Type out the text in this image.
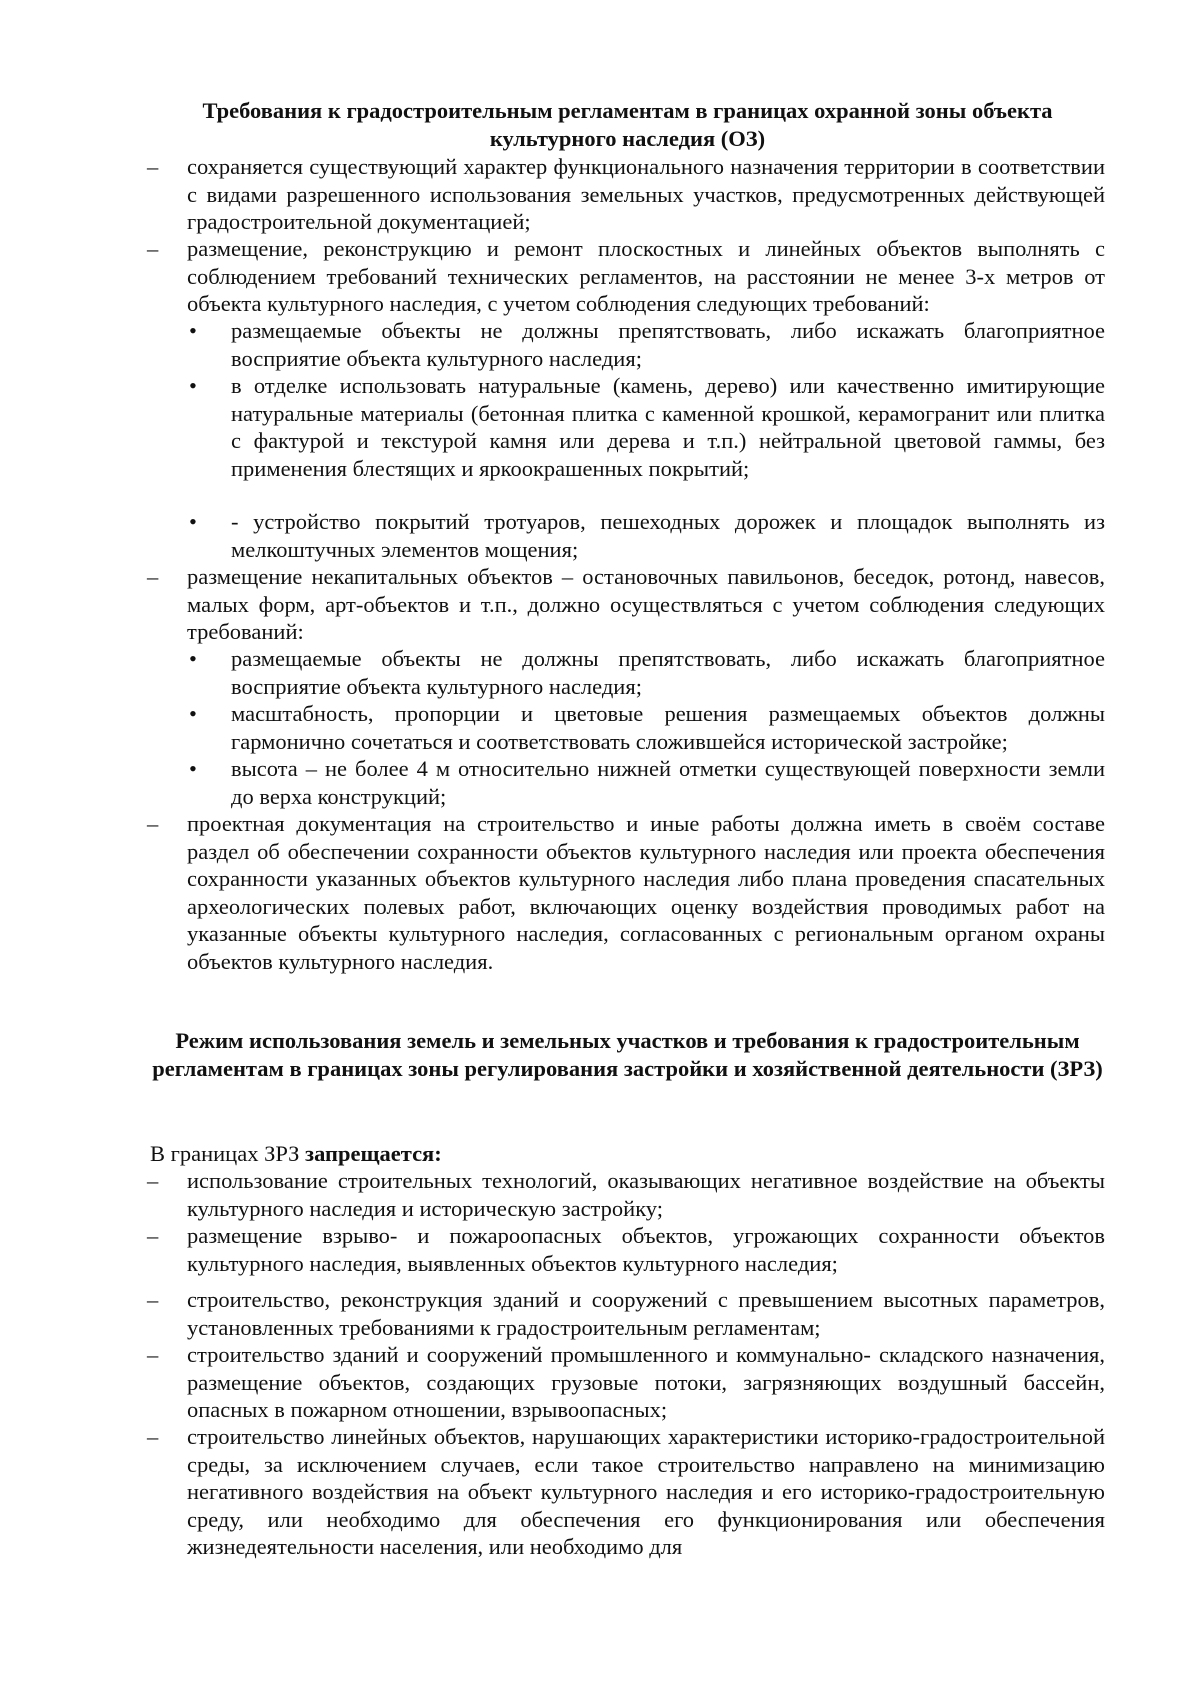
Требования к градостроительным регламентам в границах охранной зоны объекта культурного наследия (ОЗ)
– сохраняется существующий характер функционального назначения территории в соответствии с видами разрешенного использования земельных участков, предусмотренных действующей градостроительной документацией;
– размещение, реконструкцию и ремонт плоскостных и линейных объектов выполнять с соблюдением требований технических регламентов, на расстоянии не менее 3-х метров от объекта культурного наследия, с учетом соблюдения следующих требований:
• размещаемые объекты не должны препятствовать, либо искажать благоприятное восприятие объекта культурного наследия;
• в отделке использовать натуральные (камень, дерево) или качественно имитирующие натуральные материалы (бетонная плитка с каменной крошкой, керамогранит или плитка с фактурой и текстурой камня или дерева и т.п.) нейтральной цветовой гаммы, без применения блестящих и яркоокрашенных покрытий;
• - устройство покрытий тротуаров, пешеходных дорожек и площадок выполнять из мелкоштучных элементов мощения;
– размещение некапитальных объектов – остановочных павильонов, беседок, ротонд, навесов, малых форм, арт-объектов и т.п., должно осуществляться с учетом соблюдения следующих требований:
• размещаемые объекты не должны препятствовать, либо искажать благоприятное восприятие объекта культурного наследия;
• масштабность, пропорции и цветовые решения размещаемых объектов должны гармонично сочетаться и соответствовать сложившейся исторической застройке;
• высота – не более 4 м относительно нижней отметки существующей поверхности земли до верха конструкций;
– проектная документация на строительство и иные работы должна иметь в своём составе раздел об обеспечении сохранности объектов культурного наследия или проекта обеспечения сохранности указанных объектов культурного наследия либо плана проведения спасательных археологических полевых работ, включающих оценку воздействия проводимых работ на указанные объекты культурного наследия, согласованных с региональным органом охраны объектов культурного наследия.
Режим использования земель и земельных участков и требования к градостроительным регламентам в границах зоны регулирования застройки и хозяйственной деятельности (ЗРЗ)
В границах ЗРЗ запрещается:
– использование строительных технологий, оказывающих негативное воздействие на объекты культурного наследия и историческую застройку;
– размещение взрыво- и пожароопасных объектов, угрожающих сохранности объектов культурного наследия, выявленных объектов культурного наследия;
– строительство, реконструкция зданий и сооружений с превышением высотных параметров, установленных требованиями к градостроительным регламентам;
– строительство зданий и сооружений промышленного и коммунально- складского назначения, размещение объектов, создающих грузовые потоки, загрязняющих воздушный бассейн, опасных в пожарном отношении, взрывоопасных;
– строительство линейных объектов, нарушающих характеристики историко-градостроительной среды, за исключением случаев, если такое строительство направлено на минимизацию негативного воздействия на объект культурного наследия и его историко-градостроительную среду, или необходимо для обеспечения его функционирования или обеспечения жизнедеятельности населения, или необходимо для
